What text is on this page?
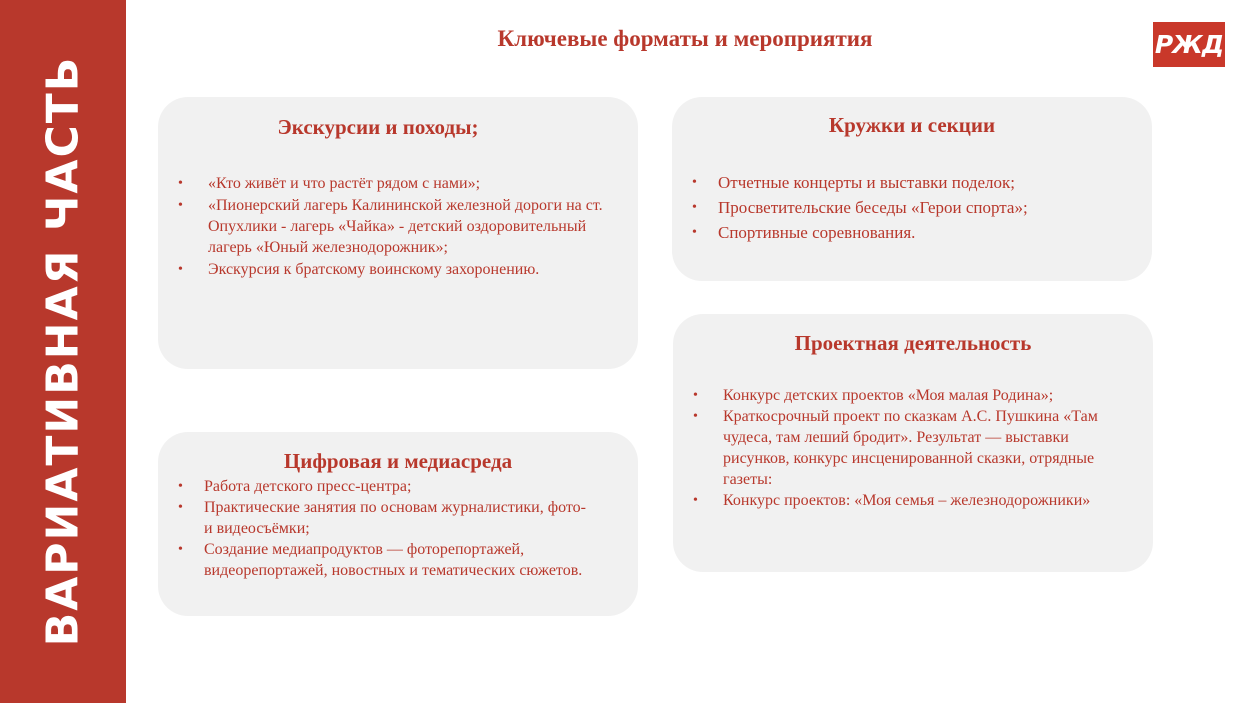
ВАРИАТИВНАЯ ЧАСТЬ
Ключевые форматы и мероприятия	РЖД
Экскурсии и походы;
• «Кто живёт и что растёт рядом с нами»;
• «Пионерский лагерь Калининской железной дороги на ст. Опухлики - лагерь «Чайка» - детский оздоровительный лагерь «Юный железнодорожник»;
• Экскурсия к братскому воинскому захоронению.
Кружки и секции
• Отчетные концерты и выставки поделок;
• Просветительские беседы «Герои спорта»;
• Спортивные соревнования.
Проектная деятельность
• Конкурс детских проектов «Моя малая Родина»;
• Краткосрочный проект по сказкам А.С. Пушкина «Там чудеса, там леший бродит». Результат — выставки рисунков, конкурс инсценированной сказки, отрядные газеты:
• Конкурс проектов: «Моя семья – железнодорожники»
Цифровая и медиасреда
• Работа детского пресс-центра;
• Практические занятия по основам журналистики, фото- и видеосъёмки;
• Создание медиапродуктов — фоторепортажей, видеорепортажей, новостных и тематических сюжетов.
